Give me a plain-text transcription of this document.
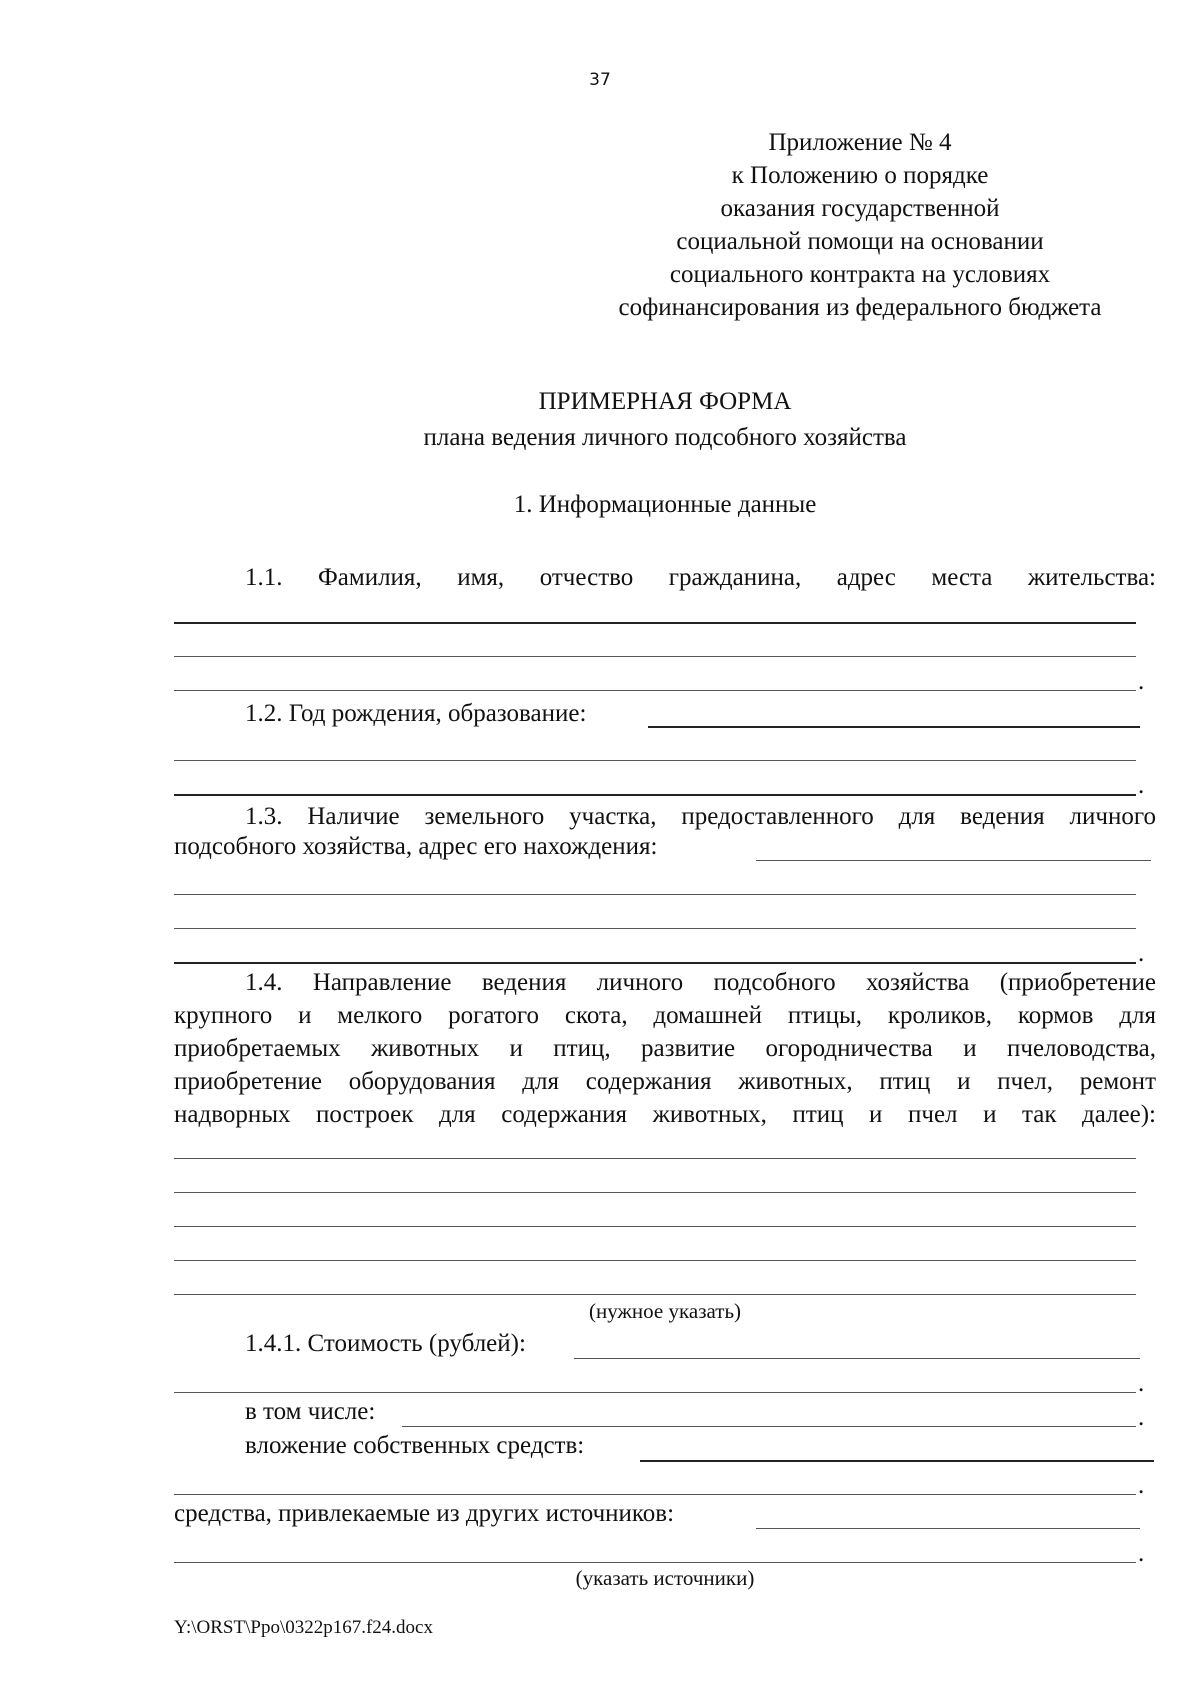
37
Приложение № 4
к Положению о порядке
оказания государственной
социальной помощи на основании
социального контракта на условиях
софинансирования из федерального бюджета
ПРИМЕРНАЯ ФОРМА
плана ведения личного подсобного хозяйства
1. Информационные данные
1.1. Фамилия, имя, отчество гражданина, адрес места жительства:
.
1.2. Год рождения, образование:
.
1.3. Наличие земельного участка, предоставленного для ведения личного
подсобного хозяйства, адрес его нахождения:
.
1.4. Направление ведения личного подсобного хозяйства (приобретение
крупного и мелкого рогатого скота, домашней птицы, кроликов, кормов для
приобретаемых животных и птиц, развитие огородничества и пчеловодства,
приобретение оборудования для содержания животных, птиц и пчел, ремонт
надворных построек для содержания животных, птиц и пчел и так далее):
(нужное указать)
1.4.1. Стоимость (рублей):
.
в том числе:	.
вложение собственных средств:
.
средства, привлекаемые из других источников:
.
(указать источники)
Y:\ORST\Ppo\0322p167.f24.docx
